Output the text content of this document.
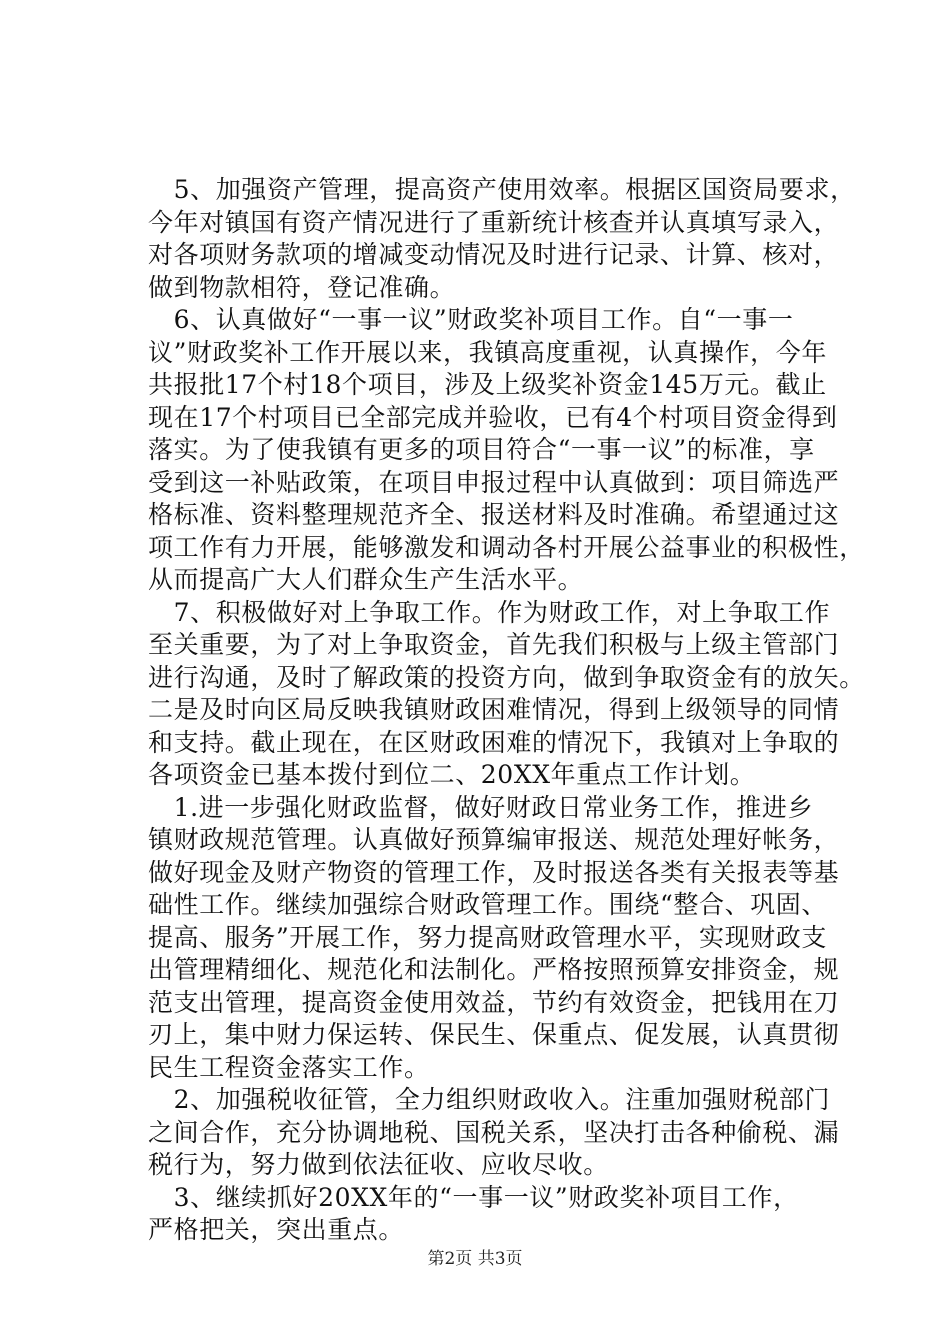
　5、加强资产管理，提高资产使用效率。根据区国资局要求，
今年对镇国有资产情况进行了重新统计核查并认真填写录入，
对各项财务款项的增减变动情况及时进行记录、计算、核对，
做到物款相符，登记准确。
　6、认真做好“一事一议”财政奖补项目工作。自“一事一
议”财政奖补工作开展以来，我镇高度重视，认真操作，今年
共报批17个村18个项目，涉及上级奖补资金145万元。截止
现在17个村项目已全部完成并验收，已有4个村项目资金得到
落实。为了使我镇有更多的项目符合“一事一议”的标准，享
受到这一补贴政策，在项目申报过程中认真做到：项目筛选严
格标准、资料整理规范齐全、报送材料及时准确。希望通过这
项工作有力开展，能够激发和调动各村开展公益事业的积极性，
从而提高广大人们群众生产生活水平。
　7、积极做好对上争取工作。作为财政工作，对上争取工作
至关重要，为了对上争取资金，首先我们积极与上级主管部门
进行沟通，及时了解政策的投资方向，做到争取资金有的放矢。
二是及时向区局反映我镇财政困难情况，得到上级领导的同情
和支持。截止现在，在区财政困难的情况下，我镇对上争取的
各项资金已基本拨付到位二、20XX年重点工作计划。
　1.进一步强化财政监督，做好财政日常业务工作，推进乡
镇财政规范管理。认真做好预算编审报送、规范处理好帐务，
做好现金及财产物资的管理工作，及时报送各类有关报表等基
础性工作。继续加强综合财政管理工作。围绕“整合、巩固、
提高、服务”开展工作，努力提高财政管理水平，实现财政支
出管理精细化、规范化和法制化。严格按照预算安排资金，规
范支出管理，提高资金使用效益，节约有效资金，把钱用在刀
刃上，集中财力保运转、保民生、保重点、促发展，认真贯彻
民生工程资金落实工作。
　2、加强税收征管，全力组织财政收入。注重加强财税部门
之间合作，充分协调地税、国税关系，坚决打击各种偷税、漏
税行为，努力做到依法征收、应收尽收。
　3、继续抓好20XX年的“一事一议”财政奖补项目工作，
严格把关，突出重点。
第2页 共3页
